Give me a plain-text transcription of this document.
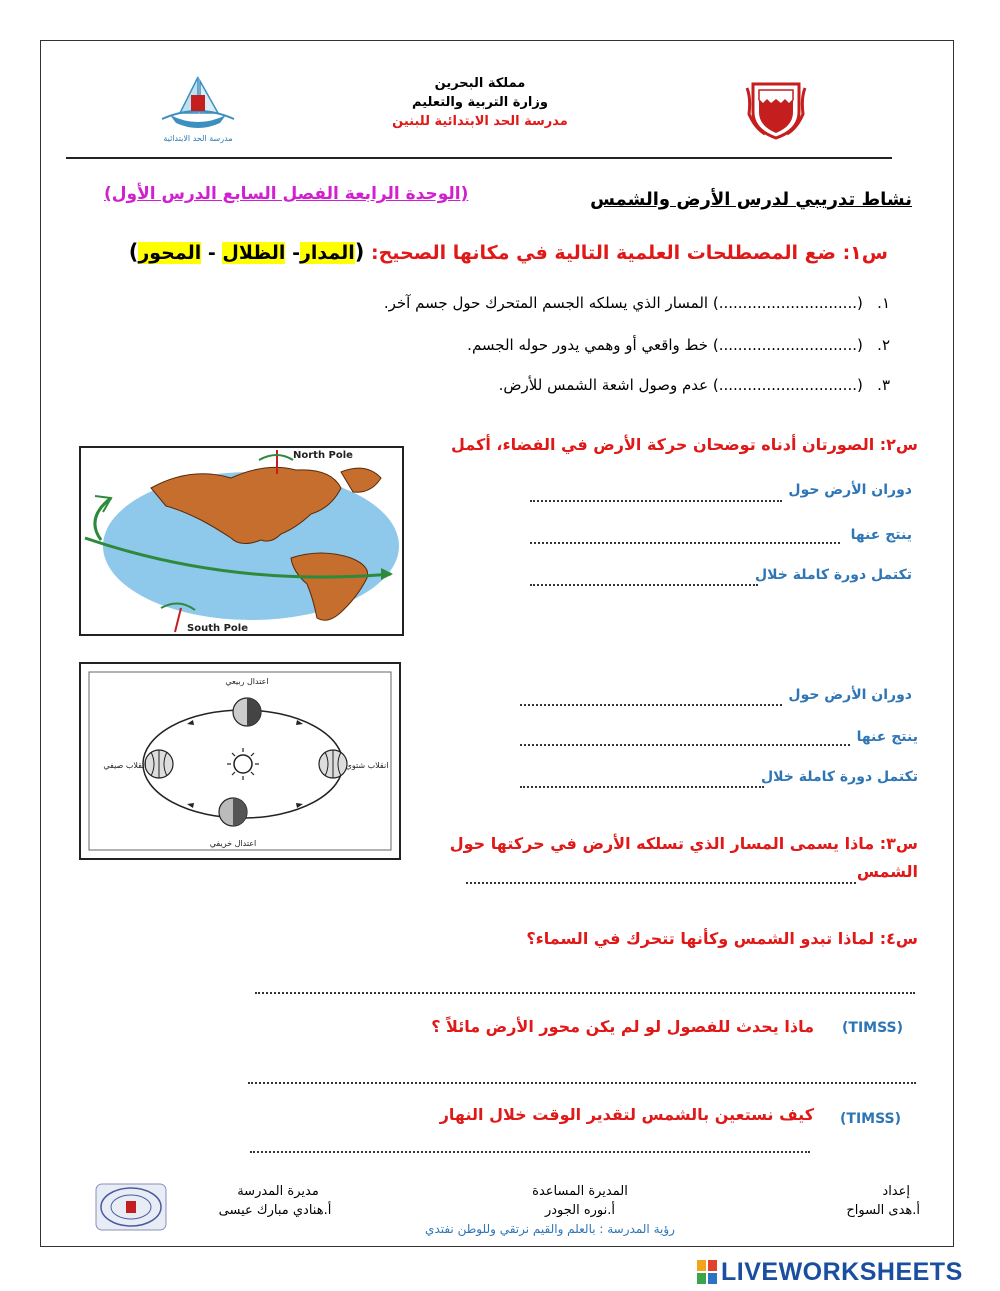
مملكة البحرين
وزارة التربية والتعليم
مدرسة الحد الابتدائية للبنين
مدرسة الحد الابتدائية
نشاط تدريبي لدرس الأرض والشمس
(الوحدة الرابعة الفصل السابع الدرس الأول)
س١: ضع المصطلحات العلمية التالية في مكانها الصحيح: (المدار- الظلال - المحور)
١.   (.............................) المسار الذي يسلكه الجسم المتحرك حول جسم آخر.
٢.   (.............................) خط واقعي أو وهمي يدور حوله الجسم.
٣.   (.............................) عدم وصول اشعة الشمس للأرض.
س٢: الصورتان أدناه توضحان حركة الأرض في الفضاء، أكمل
North Pole
South Pole
دوران الأرض حول
ينتج عنها
تكتمل دورة كاملة خلال
اعتدال ربيعي
اعتدال خريفي
انقلاب صيفي	انقلاب شتوي
دوران الأرض حول
ينتج عنها
تكتمل دورة كاملة خلال
س٣: ماذا يسمى المسار الذي تسلكه الأرض في حركتها حول
الشمس
س٤: لماذا تبدو الشمس وكأنها تتحرك في السماء؟
(TIMSS)
ماذا يحدث للفصول لو لم يكن محور الأرض مائلاً ؟
(TIMSS)
كيف نستعين بالشمس لتقدير الوقت خلال النهار
إعداد
أ.هدى السواح
المديرة المساعدة
أ.نوره الجودر
مديرة المدرسة
أ.هنادي مبارك عيسى
رؤية المدرسة : بالعلم والقيم نرتقي وللوطن نفتدي
LIVEWORKSHEETS
